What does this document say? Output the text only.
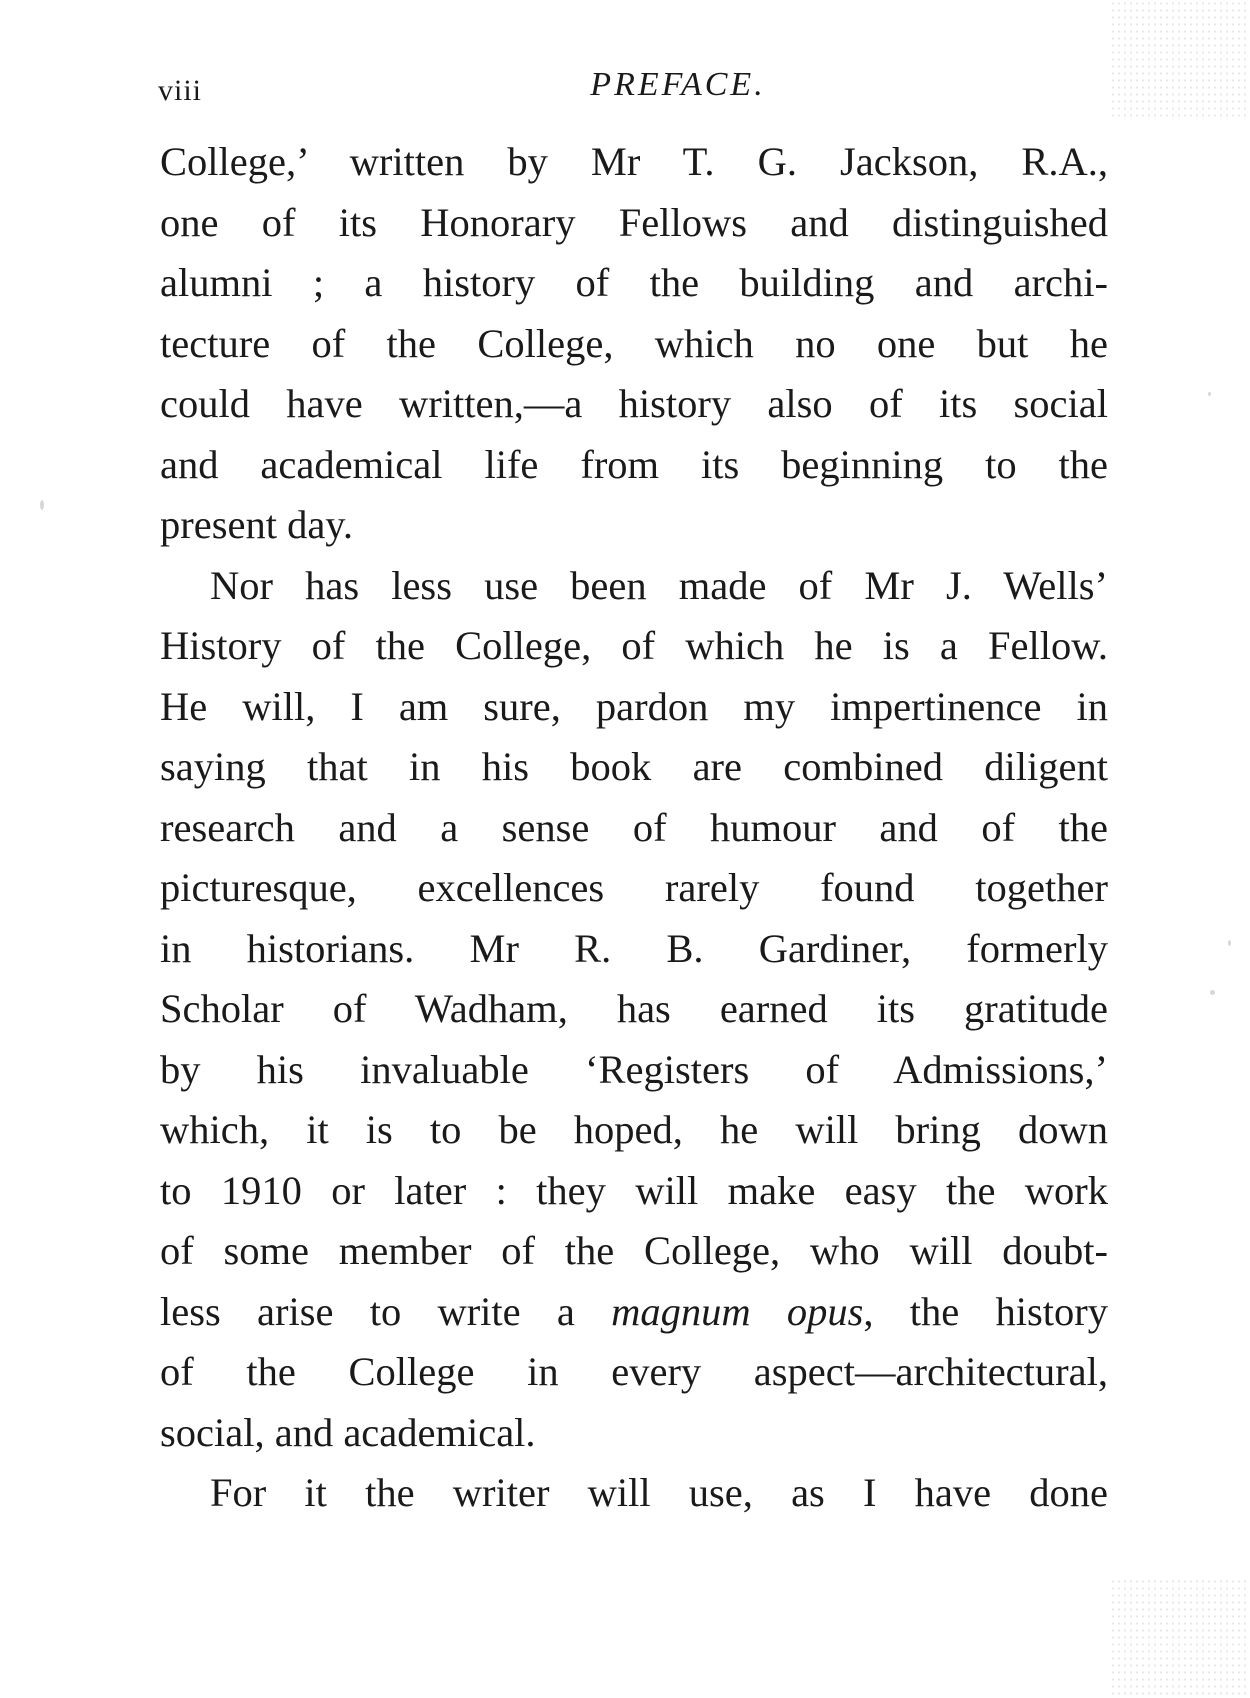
viii	PREFACE.
College,’ written by Mr T. G. Jackson, R.A.,
one of its Honorary Fellows and distinguished
alumni ; a history of the building and archi-
tecture of the College, which no one but he
could have written,—a history also of its social
and academical life from its beginning to the
present day.
Nor has less use been made of Mr J. Wells’
History of the College, of which he is a Fellow.
He will, I am sure, pardon my impertinence in
saying that in his book are combined diligent
research and a sense of humour and of the
picturesque, excellences rarely found together
in historians. Mr R. B. Gardiner, formerly
Scholar of Wadham, has earned its gratitude
by his invaluable ‘Registers of Admissions,’
which, it is to be hoped, he will bring down
to 1910 or later : they will make easy the work
of some member of the College, who will doubt-
less arise to write a magnum opus, the history
of the College in every aspect—architectural,
social, and academical.
For it the writer will use, as I have done
